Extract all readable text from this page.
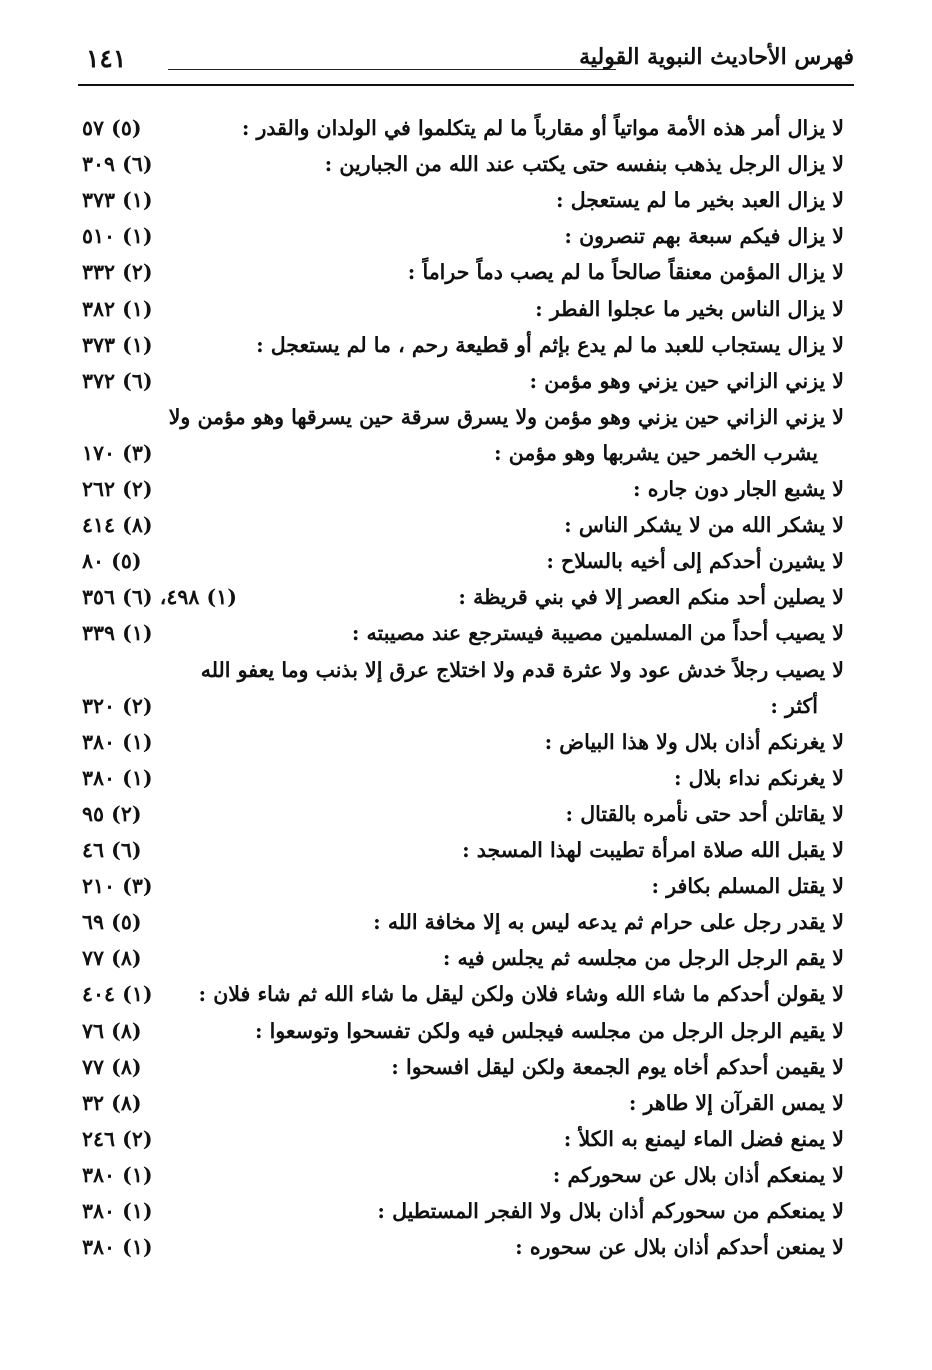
١٤١	فهرس الأحاديث النبوية القولية
لا يزال أمر هذه الأمة مواتياً أو مقارباً ما لم يتكلموا في الولدان والقدر :
(٥) ٥٧
لا يزال الرجل يذهب بنفسه حتى يكتب عند الله من الجبارين :
(٦) ٣٠٩
لا يزال العبد بخير ما لم يستعجل :
(١) ٣٧٣
لا يزال فيكم سبعة بهم تنصرون :
(١) ٥١٠
لا يزال المؤمن معنقاً صالحاً ما لم يصب دماً حراماً :
(٢) ٣٣٢
لا يزال الناس بخير ما عجلوا الفطر :
(١) ٣٨٢
لا يزال يستجاب للعبد ما لم يدع بإثم أو قطيعة رحم ، ما لم يستعجل :
(١) ٣٧٣
لا يزني الزاني حين يزني وهو مؤمن :
(٦) ٣٧٢
لا يزني الزاني حين يزني وهو مؤمن ولا يسرق سرقة حين يسرقها وهو مؤمن ولا
يشرب الخمر حين يشربها وهو مؤمن :
(٣) ١٧٠
لا يشبع الجار دون جاره :
(٢) ٢٦٢
لا يشكر الله من لا يشكر الناس :
(٨) ٤١٤
لا يشيرن أحدكم إلى أخيه بالسلاح :
(٥) ٨٠
لا يصلين أحد منكم العصر إلا في بني قريظة :
(١) ٤٩٨، (٦) ٣٥٦
لا يصيب أحداً من المسلمين مصيبة فيسترجع عند مصيبته :
(١) ٣٣٩
لا يصيب رجلاً خدش عود ولا عثرة قدم ولا اختلاج عرق إلا بذنب وما يعفو الله
أكثر :
(٢) ٣٢٠
لا يغرنكم أذان بلال ولا هذا البياض :
(١) ٣٨٠
لا يغرنكم نداء بلال :
(١) ٣٨٠
لا يقاتلن أحد حتى نأمره بالقتال :
(٢) ٩٥
لا يقبل الله صلاة امرأة تطيبت لهذا المسجد :
(٦) ٤٦
لا يقتل المسلم بكافر :
(٣) ٢١٠
لا يقدر رجل على حرام ثم يدعه ليس به إلا مخافة الله :
(٥) ٦٩
لا يقم الرجل الرجل من مجلسه ثم يجلس فيه :
(٨) ٧٧
لا يقولن أحدكم ما شاء الله وشاء فلان ولكن ليقل ما شاء الله ثم شاء فلان :
(١) ٤٠٤
لا يقيم الرجل الرجل من مجلسه فيجلس فيه ولكن تفسحوا وتوسعوا :
(٨) ٧٦
لا يقيمن أحدكم أخاه يوم الجمعة ولكن ليقل افسحوا :
(٨) ٧٧
لا يمس القرآن إلا طاهر :
(٨) ٣٢
لا يمنع فضل الماء ليمنع به الكلأ :
(٢) ٢٤٦
لا يمنعكم أذان بلال عن سحوركم :
(١) ٣٨٠
لا يمنعكم من سحوركم أذان بلال ولا الفجر المستطيل :
(١) ٣٨٠
لا يمنعن أحدكم أذان بلال عن سحوره :
(١) ٣٨٠
